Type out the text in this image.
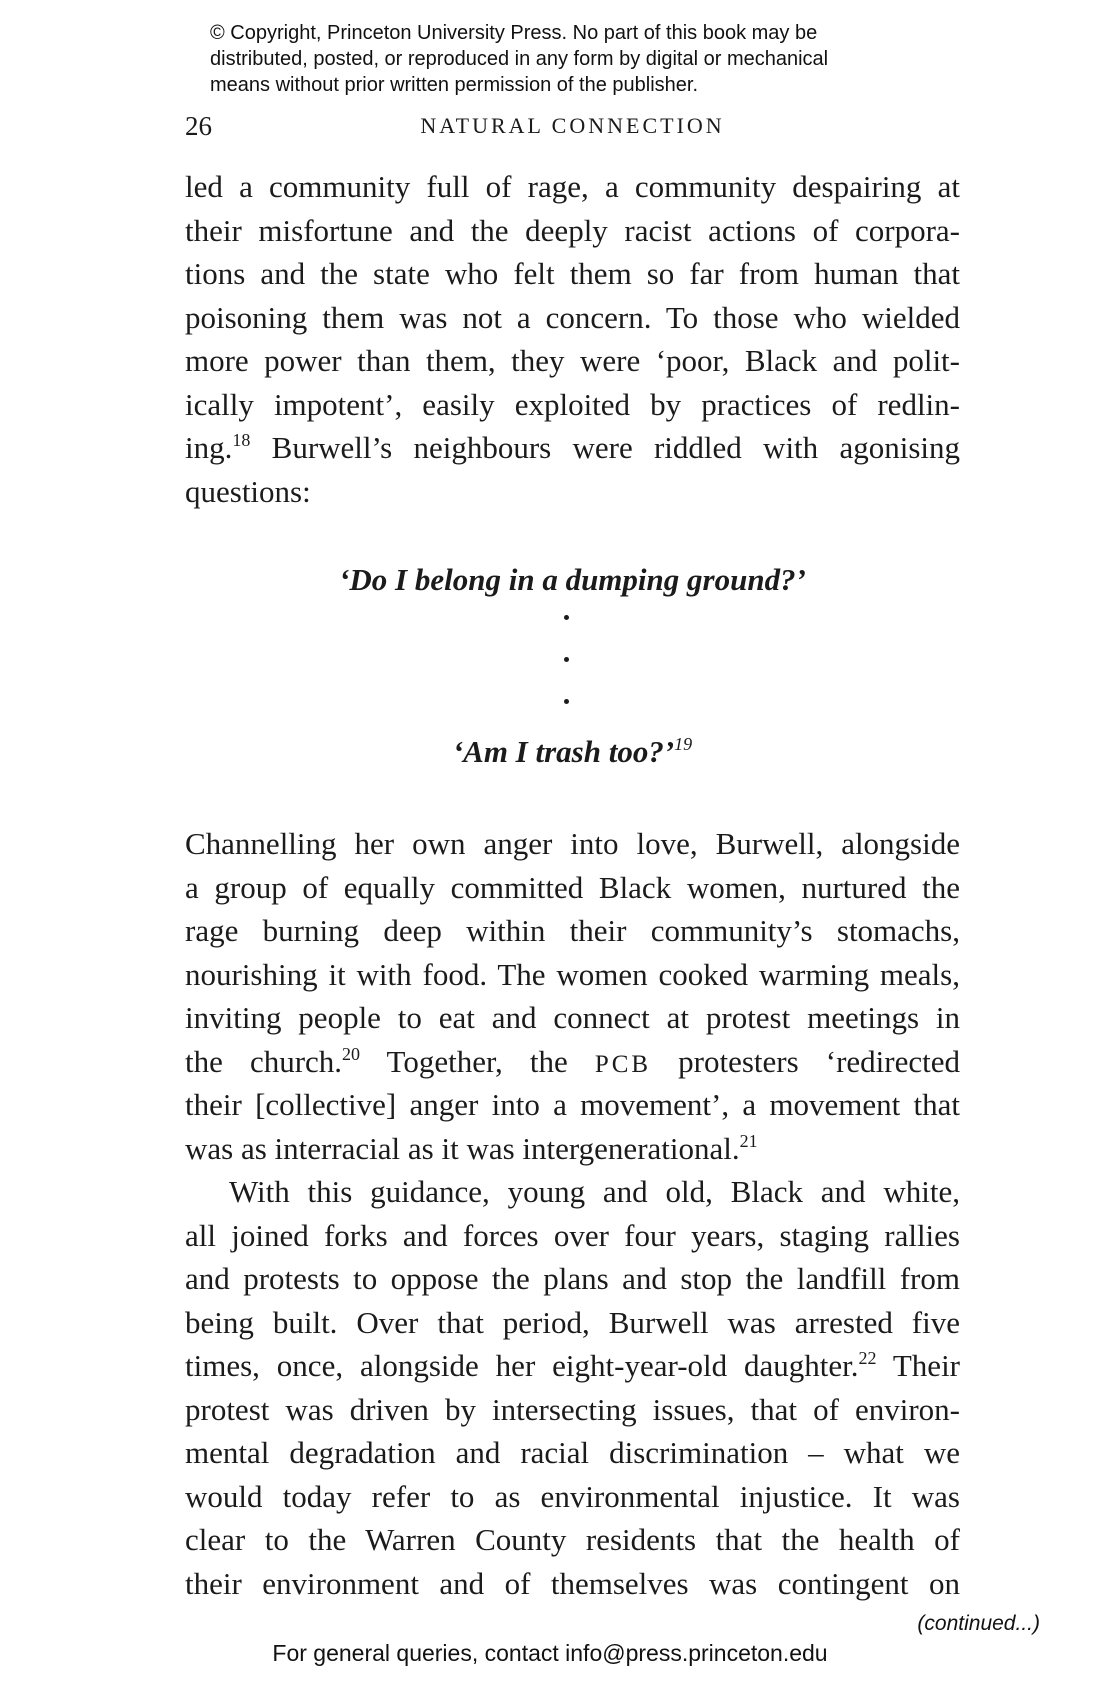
© Copyright, Princeton University Press. No part of this book may be
distributed, posted, or reproduced in any form by digital or mechanical
means without prior written permission of the publisher.
26	NATURAL CONNECTION
led a community full of rage, a community despairing at
their misfortune and the deeply racist actions of corpora-
tions and the state who felt them so far from human that
poisoning them was not a concern. To those who wielded
more power than them, they were ‘poor, Black and polit-
ically impotent’, easily exploited by practices of redlin-
ing.$^{18}$ Burwell’s neighbours were riddled with agonising
questions:
‘Do I belong in a dumping ground?’
‘Am I trash too?’$^{19}$
Channelling her own anger into love, Burwell, alongside
a group of equally committed Black women, nurtured the
rage burning deep within their community’s stomachs,
nourishing it with food. The women cooked warming meals,
inviting people to eat and connect at protest meetings in
the church.$^{20}$ Together, the PCB protesters ‘redirected
their [collective] anger into a movement’, a movement that
was as interracial as it was intergenerational.$^{21}$
With this guidance, young and old, Black and white,
all joined forks and forces over four years, staging rallies
and protests to oppose the plans and stop the landfill from
being built. Over that period, Burwell was arrested five
times, once, alongside her eight-year-old daughter.$^{22}$ Their
protest was driven by intersecting issues, that of environ-
mental degradation and racial discrimination – what we
would today refer to as environmental injustice. It was
clear to the Warren County residents that the health of
their environment and of themselves was contingent on
(continued...)
For general queries, contact info@press.princeton.edu
